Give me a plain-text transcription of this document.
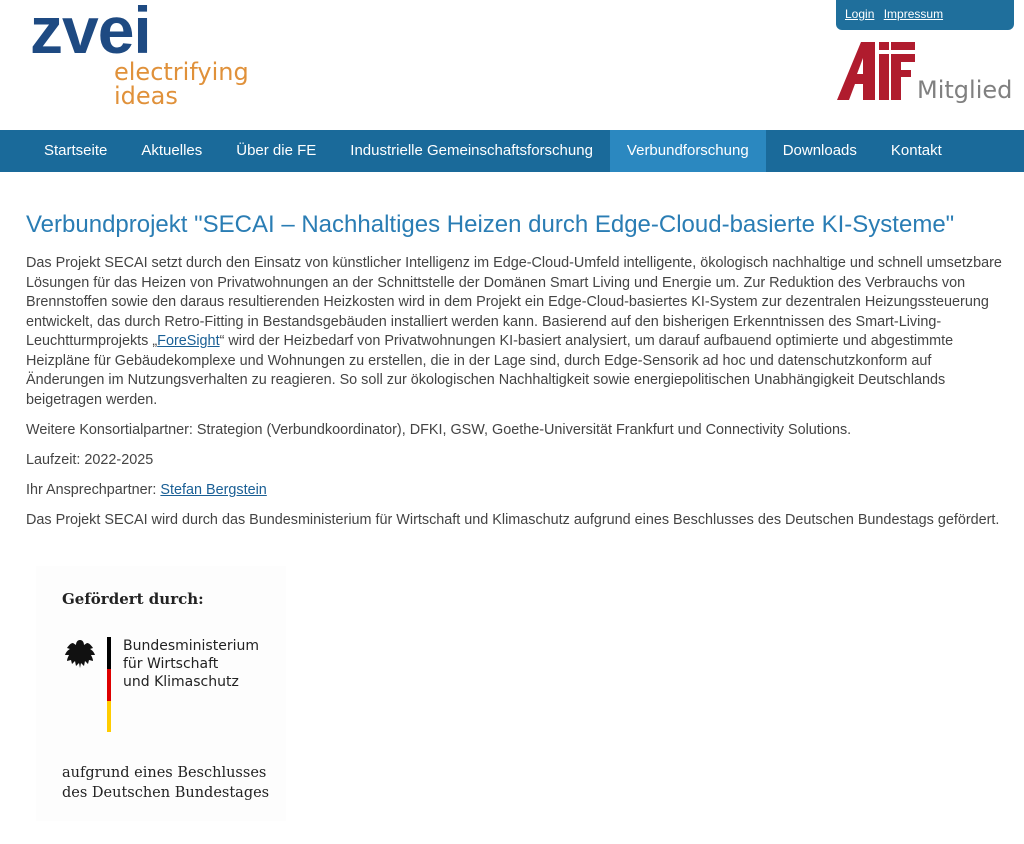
zvei
electrifying
ideas
Login Impressum
Mitglied
Startseite	Aktuelles	Über die FE	Industrielle Gemeinschaftsforschung	Verbundforschung	Downloads	Kontakt
Verbundprojekt "SECAI – Nachhaltiges Heizen durch Edge-Cloud-basierte KI-Systeme"

Das Projekt SECAI setzt durch den Einsatz von künstlicher Intelligenz im Edge-Cloud-Umfeld intelligente, ökologisch nachhaltige und schnell umsetzbare Lösungen für das Heizen von Privatwohnungen an der Schnittstelle der Domänen Smart Living und Energie um. Zur Reduktion des Verbrauchs von Brennstoffen sowie den daraus resultierenden Heizkosten wird in dem Projekt ein Edge-Cloud-basiertes KI-System zur dezentralen Heizungssteuerung entwickelt, das durch Retro-Fitting in Bestandsgebäuden installiert werden kann. Basierend auf den bisherigen Erkenntnissen des Smart-Living-Leuchtturmprojekts „ForeSight“ wird der Heizbedarf von Privatwohnungen KI-basiert analysiert, um darauf aufbauend optimierte und abgestimmte Heizpläne für Gebäudekomplexe und Wohnungen zu erstellen, die in der Lage sind, durch Edge-Sensorik ad hoc und datenschutzkonform auf Änderungen im Nutzungsverhalten zu reagieren. So soll zur ökologischen Nachhaltigkeit sowie energiepolitischen Unabhängigkeit Deutschlands beigetragen werden.

Weitere Konsortialpartner: Strategion (Verbundkoordinator), DFKI, GSW, Goethe-Universität Frankfurt und Connectivity Solutions.

Laufzeit: 2022-2025

Ihr Ansprechpartner: Stefan Bergstein

Das Projekt SECAI wird durch das Bundesministerium für Wirtschaft und Klimaschutz aufgrund eines Beschlusses des Deutschen Bundestags gefördert.

Gefördert durch:
Bundesministerium
für Wirtschaft
und Klimaschutz
aufgrund eines Beschlusses
des Deutschen Bundestages
